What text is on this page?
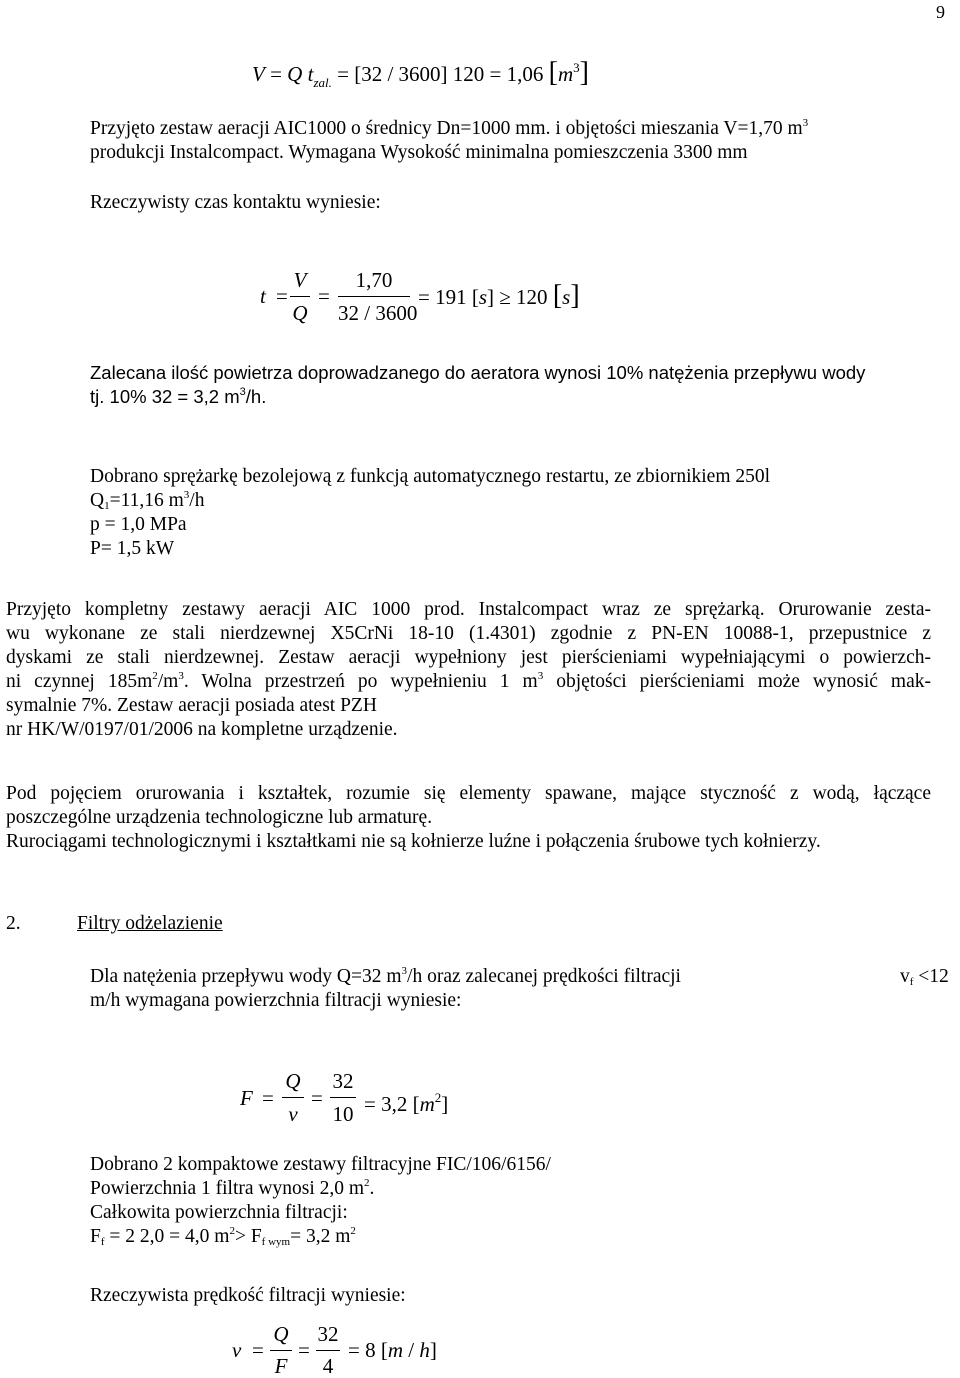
9
V = Q $t_{zal.} = [32 / 3600] 120 = 1,06$ $[m^3]$
Przyjęto zestaw aeracji AIC1000 o średnicy Dn=1000 mm. i objętości mieszania V=1,70 $m^3$
produkcji Instalcompact. Wymagana Wysokość minimalna pomieszczenia 3300 mm
Rzeczywisty czas kontaktu wyniesie:
t =
V
Q
=
1,70
32 / 3600
= 191 [s] ≥ 120 [s]
Zalecana ilość powietrza doprowadzanego do aeratora wynosi 10% natężenia przepływu wody
tj. 10% 32 = 3,2 $m^3/h$.
Dobrano sprężarkę bezolejową z funkcją automatycznego restartu, ze zbiornikiem 250l
$Q_1=11,16$ $m^3/h$
p = 1,0 MPa
P= 1,5 kW
Przyjęto kompletny zestawy aeracji AIC 1000 prod. Instalcompact wraz ze sprężarką. Orurowanie zesta-
wu wykonane ze stali nierdzewnej X5CrNi 18-10 (1.4301) zgodnie z PN-EN 10088-1, przepustnice z
dyskami ze stali nierdzewnej. Zestaw aeracji wypełniony jest pierścieniami wypełniającymi o powierzch-
ni czynnej $185m^2/m^3$. Wolna przestrzeń po wypełnieniu 1 $m^3$ objętości pierścieniami może wynosić mak-
symalnie 7%. Zestaw aeracji posiada atest PZH
nr HK/W/0197/01/2006 na kompletne urządzenie.
Pod pojęciem orurowania i kształtek, rozumie się elementy spawane, mające styczność z wodą, łączące
poszczególne urządzenia technologiczne lub armaturę.
Rurociągami technologicznymi i kształtkami nie są kołnierze luźne i połączenia śrubowe tych kołnierzy.
2.	Filtry odżelazienie
Dla natężenia przepływu wody Q=32 $m^3/h$ oraz zalecanej prędkości filtracji
m/h wymagana powierzchnia filtracji wyniesie:
$v_f <12$
F =
Q
v
=
32
10 = 3,2 $[m^2]$
Dobrano 2 kompaktowe zestawy filtracyjne FIC/106/6156/
Powierzchnia 1 filtra wynosi 2,0 $m^2$.
Całkowita powierzchnia filtracji:
$F_f = 2$ 2,0 = 4,0 $m^2> F_{f wym}= 3,2$ $m^2$
Rzeczywista prędkość filtracji wyniesie:
v =
Q
F
=
32
4
= 8 [m / h]
